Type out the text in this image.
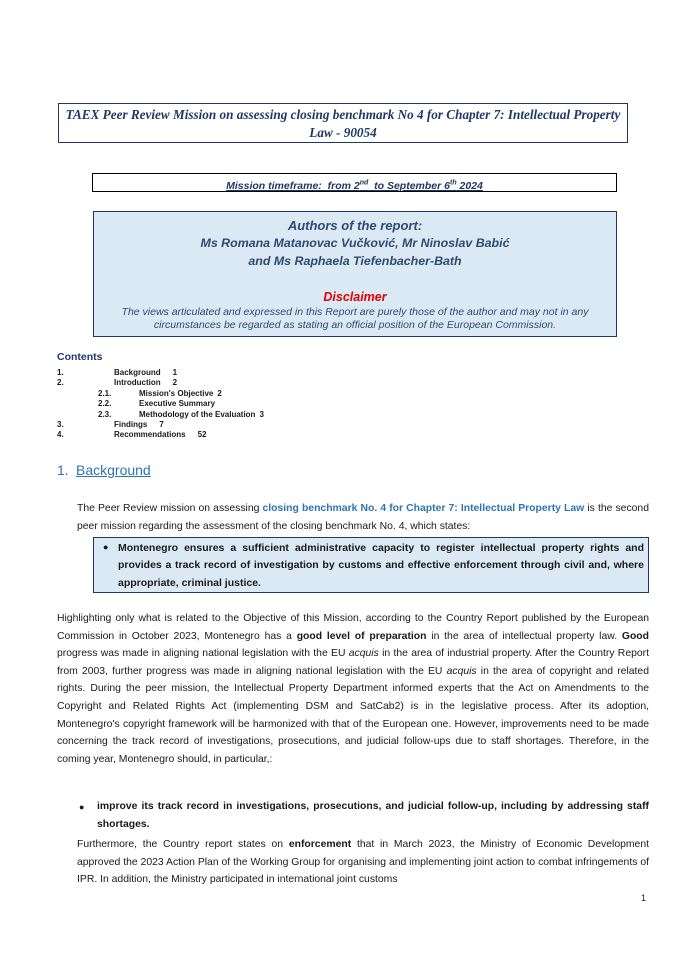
TAEX Peer Review Mission on assessing closing benchmark No 4 for Chapter 7: Intellectual Property Law - 90054
Mission timeframe:  from 2nd  to September 6th 2024
Authors of the report:
Ms Romana Matanovac Vučković, Mr Ninoslav Babić
and Ms Raphaela Tiefenbacher-Bath
Disclaimer
The views articulated and expressed in this Report are purely those of the author and may not in any circumstances be regarded as stating an official position of the European Commission.
Contents
1.	Background 1
2.	Introduction 2
2.1.	Mission's Objective 2
2.2.	Executive Summary
2.3.	Methodology of the Evaluation 3
3.	Findings 7
4.	Recommendations 52
1. Background
The Peer Review mission on assessing closing benchmark No. 4 for Chapter 7: Intellectual Property Law is the second peer mission regarding the assessment of the closing benchmark No. 4, which states:
● Montenegro ensures a sufficient administrative capacity to register intellectual property rights and provides a track record of investigation by customs and effective enforcement through civil and, where appropriate, criminal justice.
Highlighting only what is related to the Objective of this Mission, according to the Country Report published by the European Commission in October 2023, Montenegro has a good level of preparation in the area of intellectual property law. Good progress was made in aligning national legislation with the EU acquis in the area of industrial property. After the Country Report from 2003, further progress was made in aligning national legislation with the EU acquis in the area of copyright and related rights. During the peer mission, the Intellectual Property Department informed experts that the Act on Amendments to the Copyright and Related Rights Act (implementing DSM and SatCab2) is in the legislative process. After its adoption, Montenegro's copyright framework will be harmonized with that of the European one. However, improvements need to be made concerning the track record of investigations, prosecutions, and judicial follow-ups due to staff shortages. Therefore, in the coming year, Montenegro should, in particular,:
● improve its track record in investigations, prosecutions, and judicial follow-up, including by addressing staff shortages.
Furthermore, the Country report states on enforcement that in March 2023, the Ministry of Economic Development approved the 2023 Action Plan of the Working Group for organising and implementing joint action to combat infringements of IPR. In addition, the Ministry participated in international joint customs
1
